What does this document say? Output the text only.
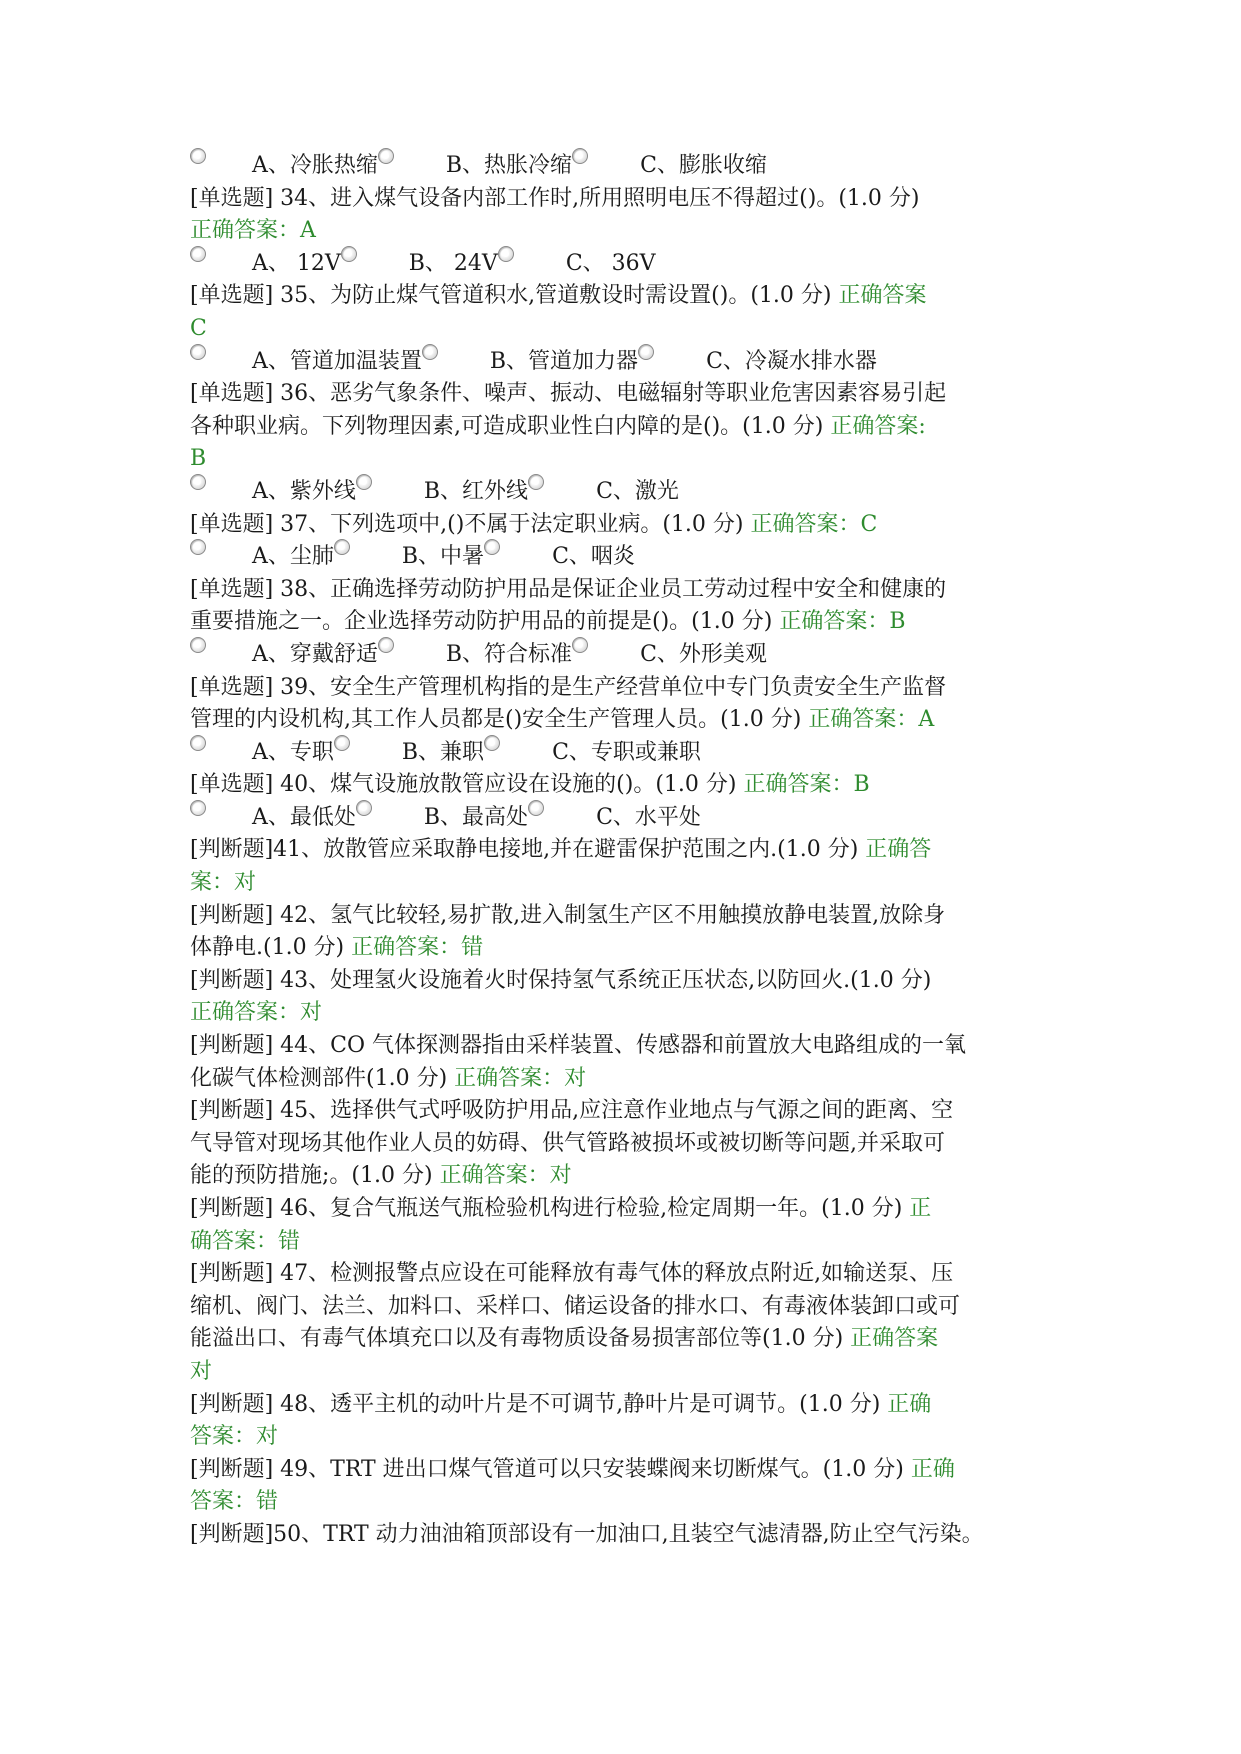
A、冷胀热缩	B、热胀冷缩	C、膨胀收缩
[单选题] 34、进入煤气设备内部工作时,所用照明电压不得超过()。(1.0 分)
正确答案：A
A、 12V	B、 24V	C、 36V
[单选题] 35、为防止煤气管道积水,管道敷设时需设置()。(1.0 分) 正确答案
C
A、管道加温装置	B、管道加力器	C、冷凝水排水器
[单选题] 36、恶劣气象条件、噪声、振动、电磁辐射等职业危害因素容易引起
各种职业病。下列物理因素,可造成职业性白内障的是()。(1.0 分) 正确答案:
B
A、紫外线	B、红外线	C、激光
[单选题] 37、下列选项中,()不属于法定职业病。(1.0 分) 正确答案：C
A、尘肺	B、中暑	C、咽炎
[单选题] 38、正确选择劳动防护用品是保证企业员工劳动过程中安全和健康的
重要措施之一。企业选择劳动防护用品的前提是()。(1.0 分) 正确答案：B
A、穿戴舒适	B、符合标准	C、外形美观
[单选题] 39、安全生产管理机构指的是生产经营单位中专门负责安全生产监督
管理的内设机构,其工作人员都是()安全生产管理人员。(1.0 分) 正确答案：A
A、专职	B、兼职	C、专职或兼职
[单选题] 40、煤气设施放散管应设在设施的()。(1.0 分) 正确答案：B
A、最低处	B、最高处	C、水平处
[判断题]41、放散管应采取静电接地,并在避雷保护范围之内.(1.0 分) 正确答
案：对
[判断题] 42、氢气比较轻,易扩散,进入制氢生产区不用触摸放静电装置,放除身
体静电.(1.0 分) 正确答案：错
[判断题] 43、处理氢火设施着火时保持氢气系统正压状态,以防回火.(1.0 分)
正确答案：对
[判断题] 44、CO 气体探测器指由采样装置、传感器和前置放大电路组成的一氧
化碳气体检测部件(1.0 分) 正确答案：对
[判断题] 45、选择供气式呼吸防护用品,应注意作业地点与气源之间的距离、空
气导管对现场其他作业人员的妨碍、供气管路被损坏或被切断等问题,并采取可
能的预防措施;。(1.0 分) 正确答案：对
[判断题] 46、复合气瓶送气瓶检验机构进行检验,检定周期一年。(1.0 分) 正
确答案：错
[判断题] 47、检测报警点应设在可能释放有毒气体的释放点附近,如输送泵、压
缩机、阀门、法兰、加料口、采样口、储运设备的排水口、有毒液体装卸口或可
能溢出口、有毒气体填充口以及有毒物质设备易损害部位等(1.0 分) 正确答案
对
[判断题] 48、透平主机的动叶片是不可调节,静叶片是可调节。(1.0 分) 正确
答案：对
[判断题] 49、TRT 进出口煤气管道可以只安装蝶阀来切断煤气。(1.0 分) 正确
答案：错
[判断题]50、TRT 动力油油箱顶部设有一加油口,且装空气滤清器,防止空气污染。
